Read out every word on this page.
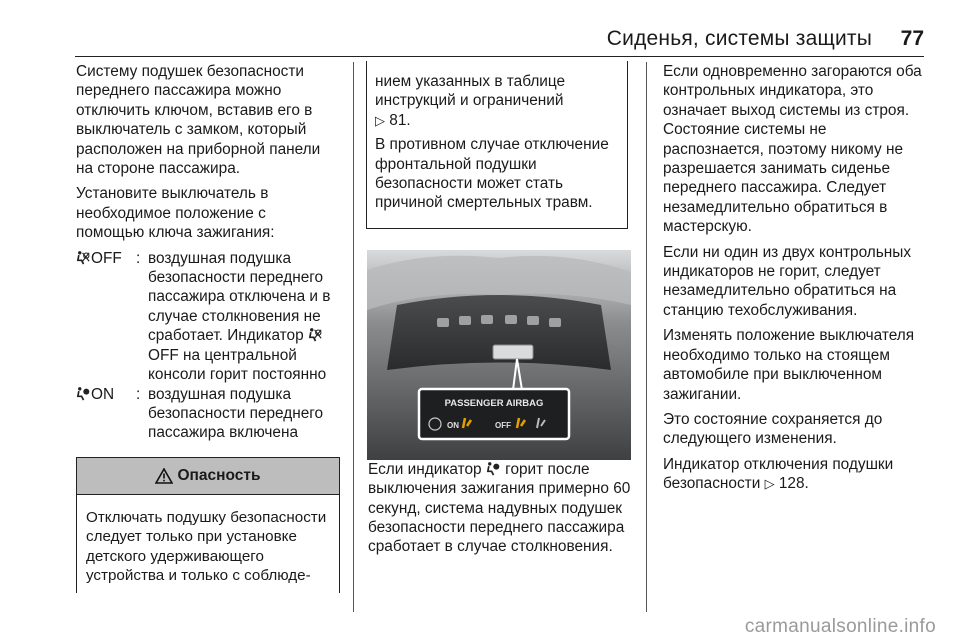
Сиденья, системы защиты 77

Систему подушек безопасности переднего пассажира можно отключить ключом, вставив его в выключатель с замком, который расположен на приборной панели на стороне пассажира.

Установите выключатель в необходимое положение с помощью ключа зажигания:

OFF : воздушная подушка безопасности переднего пассажира отключена и в случае столкновения не сработает. Индикатор OFF на центральной консоли горит постоянно
ON	: воздушная подушка безопасности переднего пассажира включена
Опасность
Отключать подушку безопасности следует только при установке детского удерживающего устройства и только с соблюде-

нием указанных в таблице инструкций и ограничений
▷ 81.

В противном случае отключение фронтальной подушки безопасности может стать причиной смертельных травм.

PASSENGER AIRBAG
ON	OFF

Если индикатор  горит после выключения зажигания примерно 60 секунд, система надувных подушек безопасности переднего пассажира сработает в случае столкновения.

Если одновременно загораются оба контрольных индикатора, это означает выход системы из строя. Состояние системы не распознается, поэтому никому не разрешается занимать сиденье переднего пассажира. Следует незамедлительно обратиться в мастерскую.

Если ни один из двух контрольных индикаторов не горит, следует незамедлительно обратиться на станцию техобслуживания.

Изменять положение выключателя необходимо только на стоящем автомобиле при выключенном зажигании.

Это состояние сохраняется до следующего изменения.

Индикатор отключения подушки безопасности ▷ 128.

carmanualsonline.info
